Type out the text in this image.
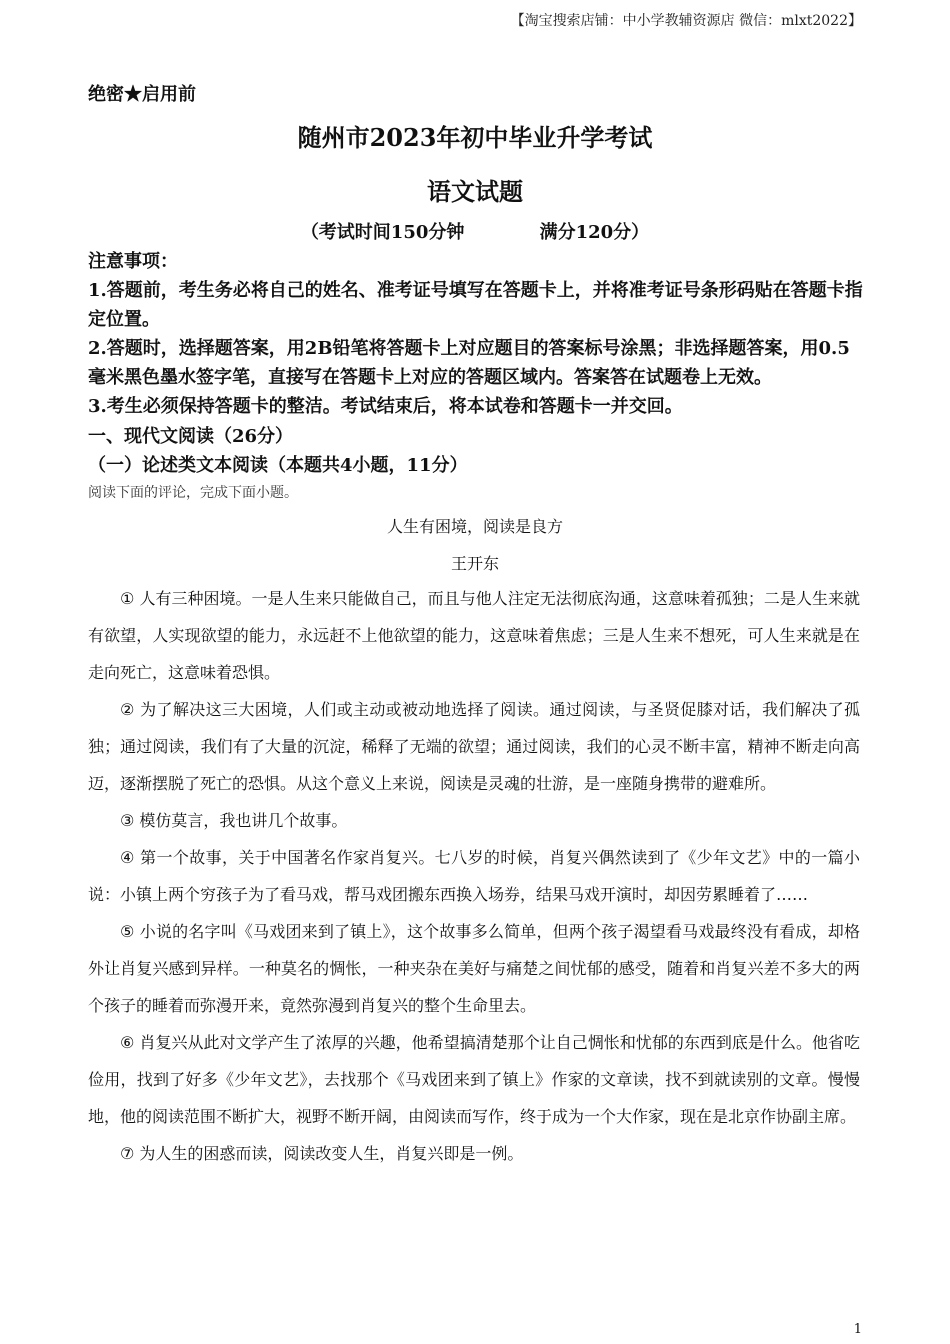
【淘宝搜索店铺：中小学教辅资源店 微信：mlxt2022】
绝密★启用前
随州市2023年初中毕业升学考试
语文试题
（考试时间150分钟            满分120分）

注意事项：

1.答题前，考生务必将自己的姓名、准考证号填写在答题卡上，并将准考证号条形码贴在答题卡指定位置。

2.答题时，选择题答案，用2B铅笔将答题卡上对应题目的答案标号涂黑；非选择题答案，用0.5毫米黑色墨水签字笔，直接写在答题卡上对应的答题区域内。答案答在试题卷上无效。

3.考生必须保持答题卡的整洁。考试结束后，将本试卷和答题卡一并交回。

一、现代文阅读（26分）
（一）论述类文本阅读（本题共4小题，11分）
阅读下面的评论，完成下面小题。
人生有困境，阅读是良方
王开东

① 人有三种困境。一是人生来只能做自己，而且与他人注定无法彻底沟通，这意味着孤独；二是人生来就有欲望，人实现欲望的能力，永远赶不上他欲望的能力，这意味着焦虑；三是人生来不想死，可人生来就是在走向死亡，这意味着恐惧。

② 为了解决这三大困境，人们或主动或被动地选择了阅读。通过阅读，与圣贤促膝对话，我们解决了孤独；通过阅读，我们有了大量的沉淀，稀释了无端的欲望；通过阅读，我们的心灵不断丰富，精神不断走向高迈，逐渐摆脱了死亡的恐惧。从这个意义上来说，阅读是灵魂的壮游，是一座随身携带的避难所。

③ 模仿莫言，我也讲几个故事。

④ 第一个故事，关于中国著名作家肖复兴。七八岁的时候，肖复兴偶然读到了《少年文艺》中的一篇小说：小镇上两个穷孩子为了看马戏，帮马戏团搬东西换入场券，结果马戏开演时，却因劳累睡着了……

⑤ 小说的名字叫《马戏团来到了镇上》，这个故事多么简单，但两个孩子渴望看马戏最终没有看成，却格外让肖复兴感到异样。一种莫名的惆怅，一种夹杂在美好与痛楚之间忧郁的感受，随着和肖复兴差不多大的两个孩子的睡着而弥漫开来，竟然弥漫到肖复兴的整个生命里去。

⑥ 肖复兴从此对文学产生了浓厚的兴趣，他希望搞清楚那个让自己惆怅和忧郁的东西到底是什么。他省吃俭用，找到了好多《少年文艺》，去找那个《马戏团来到了镇上》作家的文章读，找不到就读别的文章。慢慢地，他的阅读范围不断扩大，视野不断开阔，由阅读而写作，终于成为一个大作家，现在是北京作协副主席。

⑦ 为人生的困惑而读，阅读改变人生，肖复兴即是一例。

1
